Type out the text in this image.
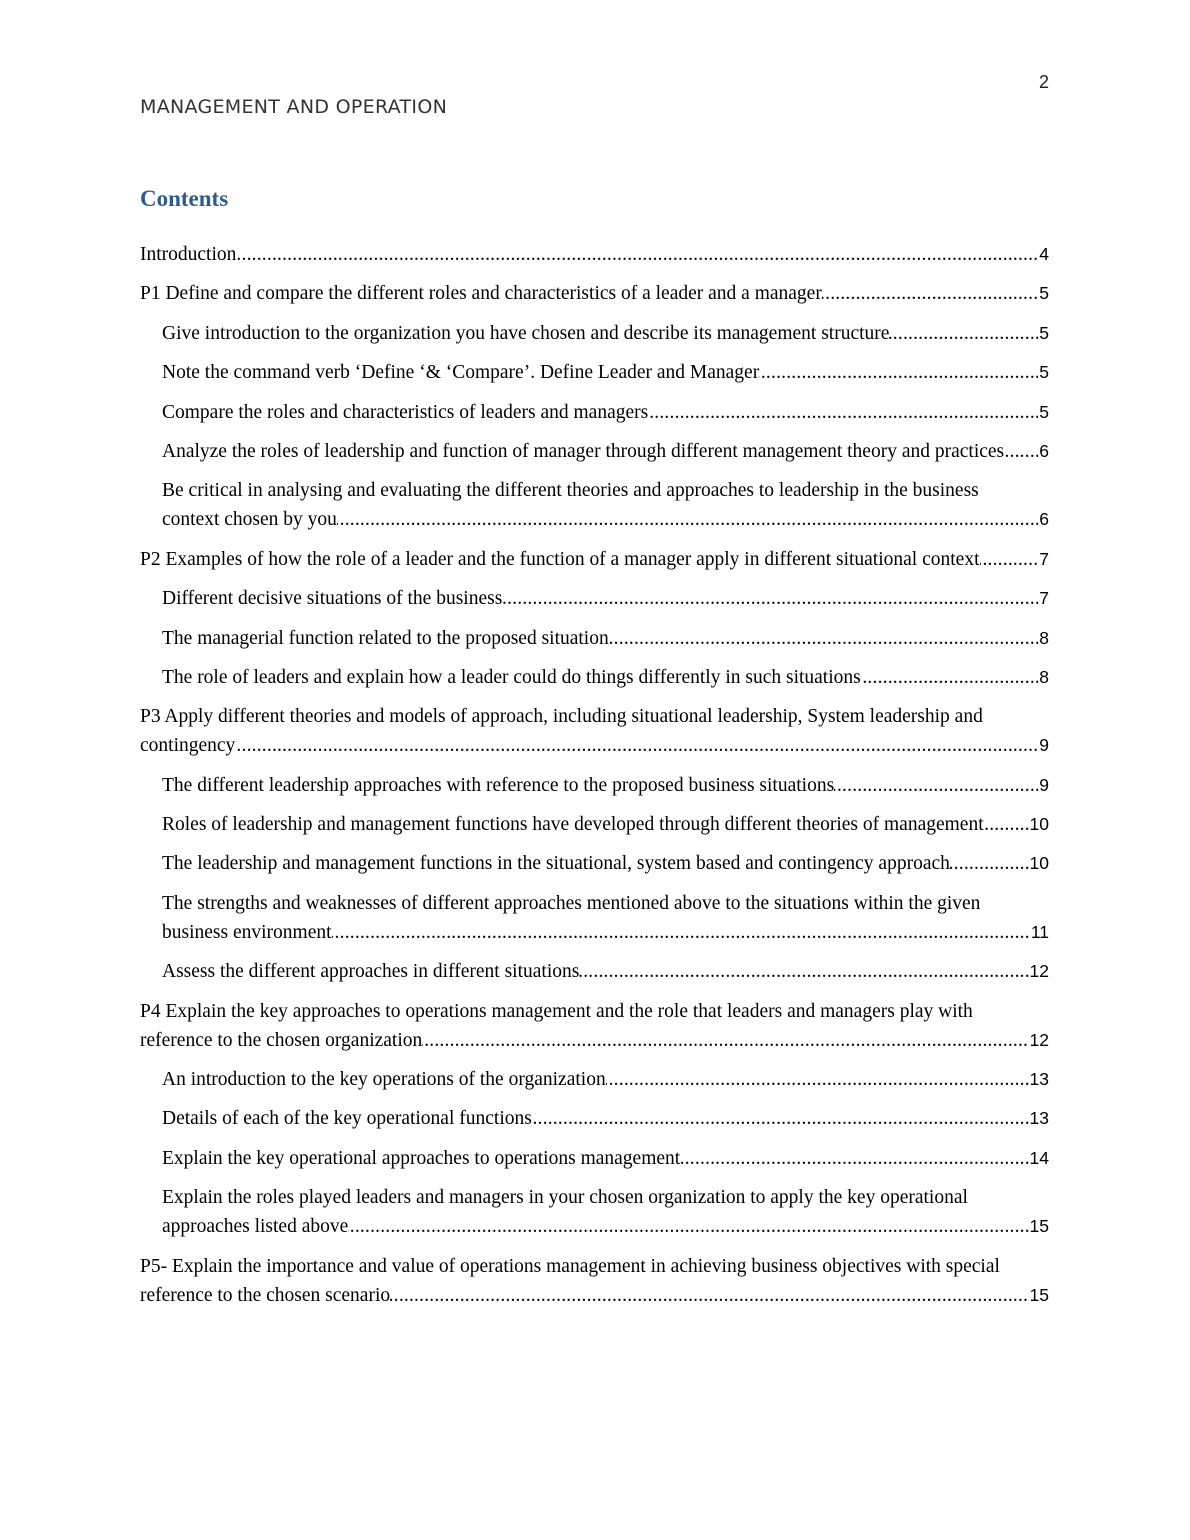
2
MANAGEMENT AND OPERATION
Contents
..... Introduction	4
..... P1 Define and compare the different roles and characteristics of a leader and a manager	5
..... Give introduction to the organization you have chosen and describe its management structure	5
..... Note the command verb ‘Define ‘& ‘Compare’. Define Leader and Manager	5
..... Compare the roles and characteristics of leaders and managers	5
..... Analyze the roles of leadership and function of manager through different management theory and practices 6
..... Be critical in analysing and evaluating the different theories and approaches to leadership in the business context chosen by you	6
..... P2 Examples of how the role of a leader and the function of a manager apply in different situational context	7
..... Different decisive situations of the business	7
..... The managerial function related to the proposed situation	8
..... The role of leaders and explain how a leader could do things differently in such situations	8
..... P3 Apply different theories and models of approach, including situational leadership, System leadership and contingency	9
..... The different leadership approaches with reference to the proposed business situations	9
..... Roles of leadership and management functions have developed through different theories of management	10
..... The leadership and management functions in the situational, system based and contingency approach	10
..... The strengths and weaknesses of different approaches mentioned above to the situations within the given business environment	11
..... Assess the different approaches in different situations	12
..... P4 Explain the key approaches to operations management and the role that leaders and managers play with reference to the chosen organization	12
..... An introduction to the key operations of the organization	13
..... Details of each of the key operational functions	13
..... Explain the key operational approaches to operations management	14
..... Explain the roles played leaders and managers in your chosen organization to apply the key operational approaches listed above	15
..... P5- Explain the importance and value of operations management in achieving business objectives with special reference to the chosen scenario	15
